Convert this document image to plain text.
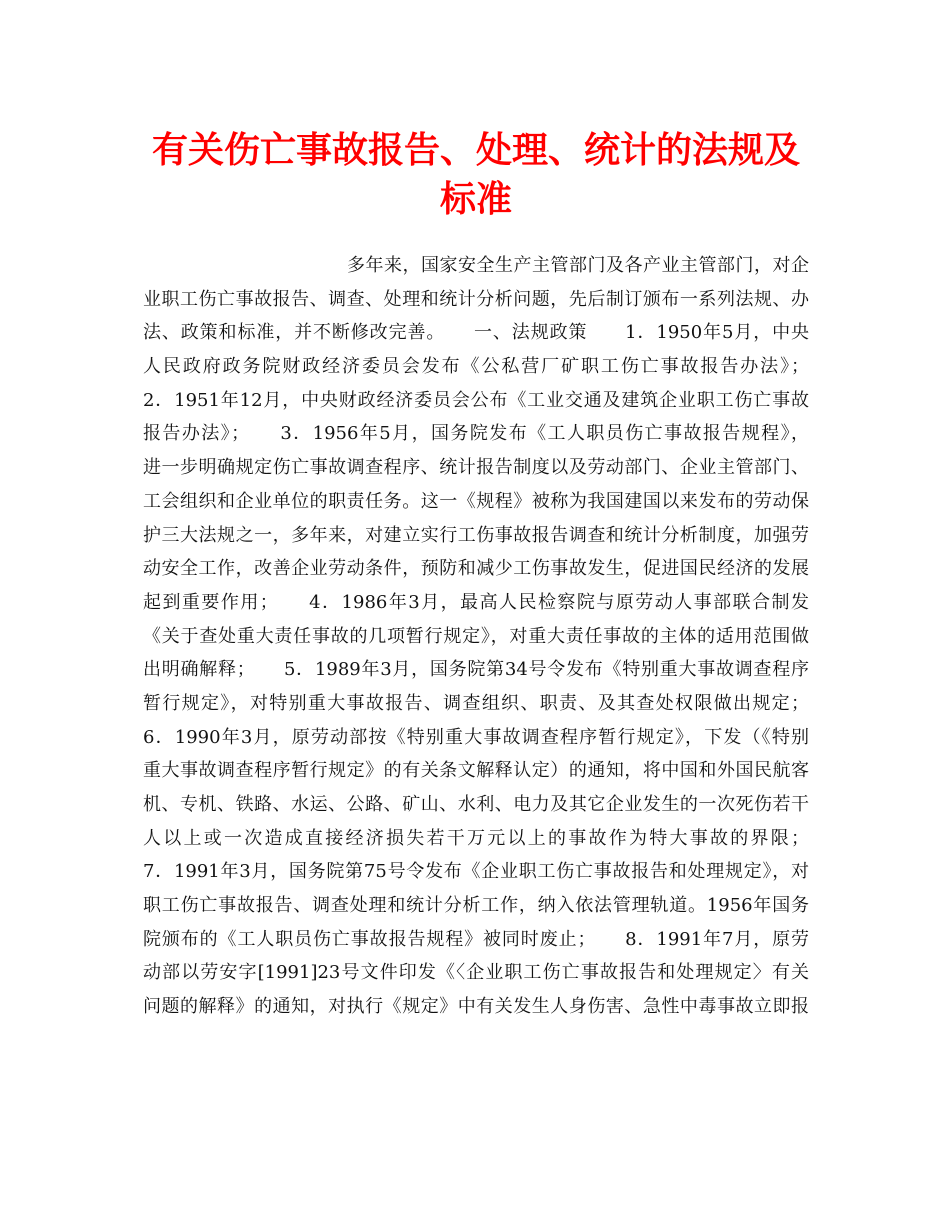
有关伤亡事故报告、处理、统计的法规及标准
多年来，国家安全生产主管部门及各产业主管部门，对企
业职工伤亡事故报告、调查、处理和统计分析问题，先后制订颁布一系列法规、办
法、政策和标准，并不断修改完善。　　一、法规政策　　1．1950年5月，中央
人民政府政务院财政经济委员会发布《公私营厂矿职工伤亡事故报告办法》；
2．1951年12月，中央财政经济委员会公布《工业交通及建筑企业职工伤亡事故
报告办法》；　　3．1956年5月，国务院发布《工人职员伤亡事故报告规程》，
进一步明确规定伤亡事故调查程序、统计报告制度以及劳动部门、企业主管部门、
工会组织和企业单位的职责任务。这一《规程》被称为我国建国以来发布的劳动保
护三大法规之一，多年来，对建立实行工伤事故报告调查和统计分析制度，加强劳
动安全工作，改善企业劳动条件，预防和减少工伤事故发生，促进国民经济的发展
起到重要作用；　　4．1986年3月，最高人民检察院与原劳动人事部联合制发
《关于查处重大责任事故的几项暂行规定》，对重大责任事故的主体的适用范围做
出明确解释；　　5．1989年3月，国务院第34号令发布《特别重大事故调查程序
暂行规定》，对特别重大事故报告、调查组织、职责、及其查处权限做出规定；
6．1990年3月，原劳动部按《特别重大事故调查程序暂行规定》，下发（《特别
重大事故调查程序暂行规定》的有关条文解释认定）的通知，将中国和外国民航客
机、专机、铁路、水运、公路、矿山、水利、电力及其它企业发生的一次死伤若干
人以上或一次造成直接经济损失若干万元以上的事故作为特大事故的界限；
7．1991年3月，国务院第75号令发布《企业职工伤亡事故报告和处理规定》，对
职工伤亡事故报告、调查处理和统计分析工作，纳入依法管理轨道。1956年国务
院颁布的《工人职员伤亡事故报告规程》被同时废止；　　8．1991年7月，原劳
动部以劳安字[1991]23号文件印发《〈企业职工伤亡事故报告和处理规定〉有关
问题的解释》的通知，对执行《规定》中有关发生人身伤害、急性中毒事故立即报
